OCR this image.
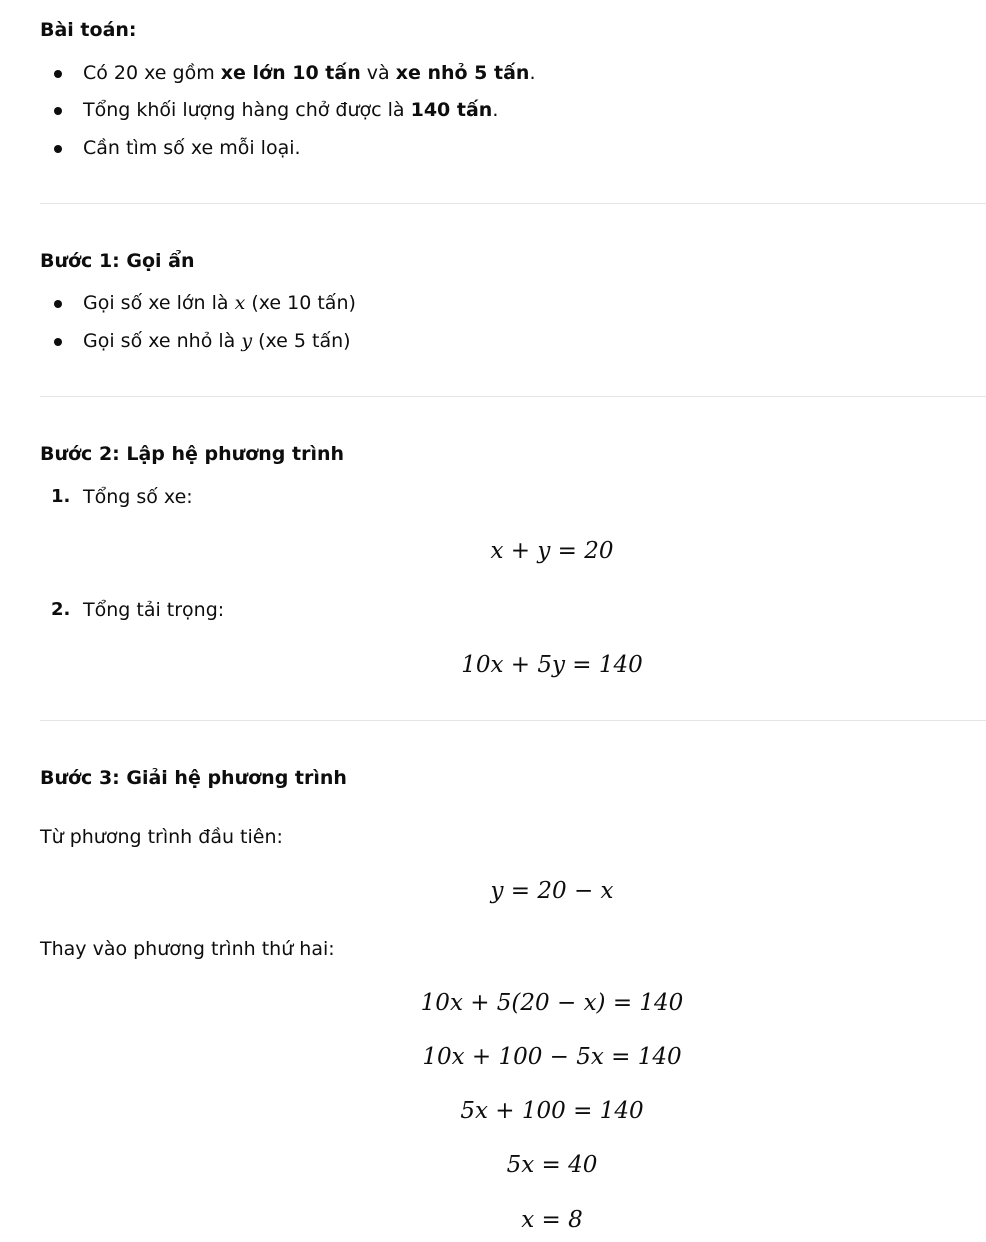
Bài toán:
Có 20 xe gồm xe lớn 10 tấn và xe nhỏ 5 tấn.
Tổng khối lượng hàng chở được là 140 tấn.
Cần tìm số xe mỗi loại.
Bước 1: Gọi ẩn
Gọi số xe lớn là x (xe 10 tấn)
Gọi số xe nhỏ là y (xe 5 tấn)
Bước 2: Lập hệ phương trình
1. Tổng số xe:
x + y = 20
2. Tổng tải trọng:
10x + 5y = 140
Bước 3: Giải hệ phương trình
Từ phương trình đầu tiên:
y = 20 − x
Thay vào phương trình thứ hai:
10x + 5(20 − x) = 140
10x + 100 − 5x = 140
5x + 100 = 140
5x = 40
x = 8
